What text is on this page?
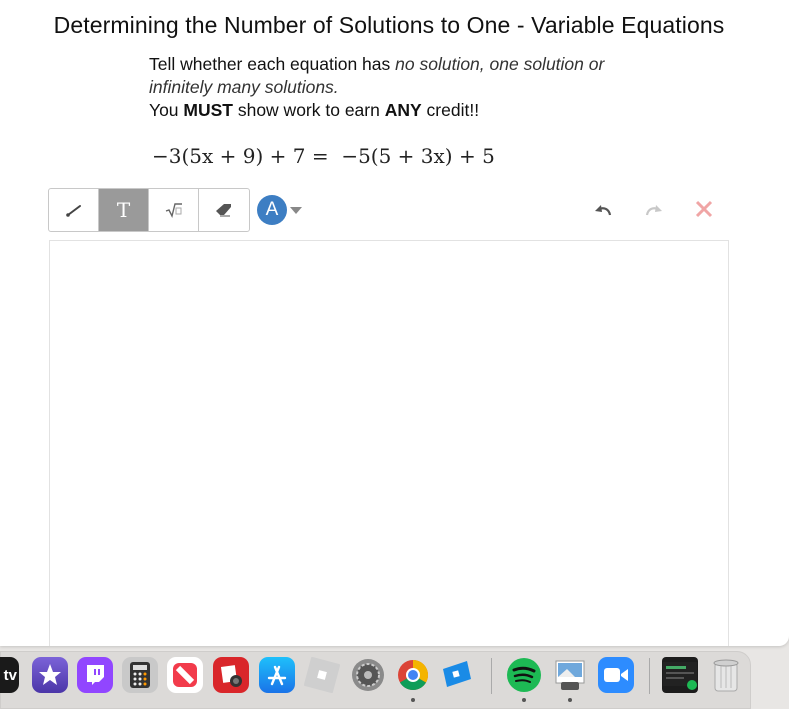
Determining the Number of Solutions to One - Variable Equations
Tell whether each equation has no solution, one solution or infinitely many solutions.
You MUST show work to earn ANY credit!!
−3(5x + 9) + 7 =  −5(5 + 3x) + 5
T	A
tv
